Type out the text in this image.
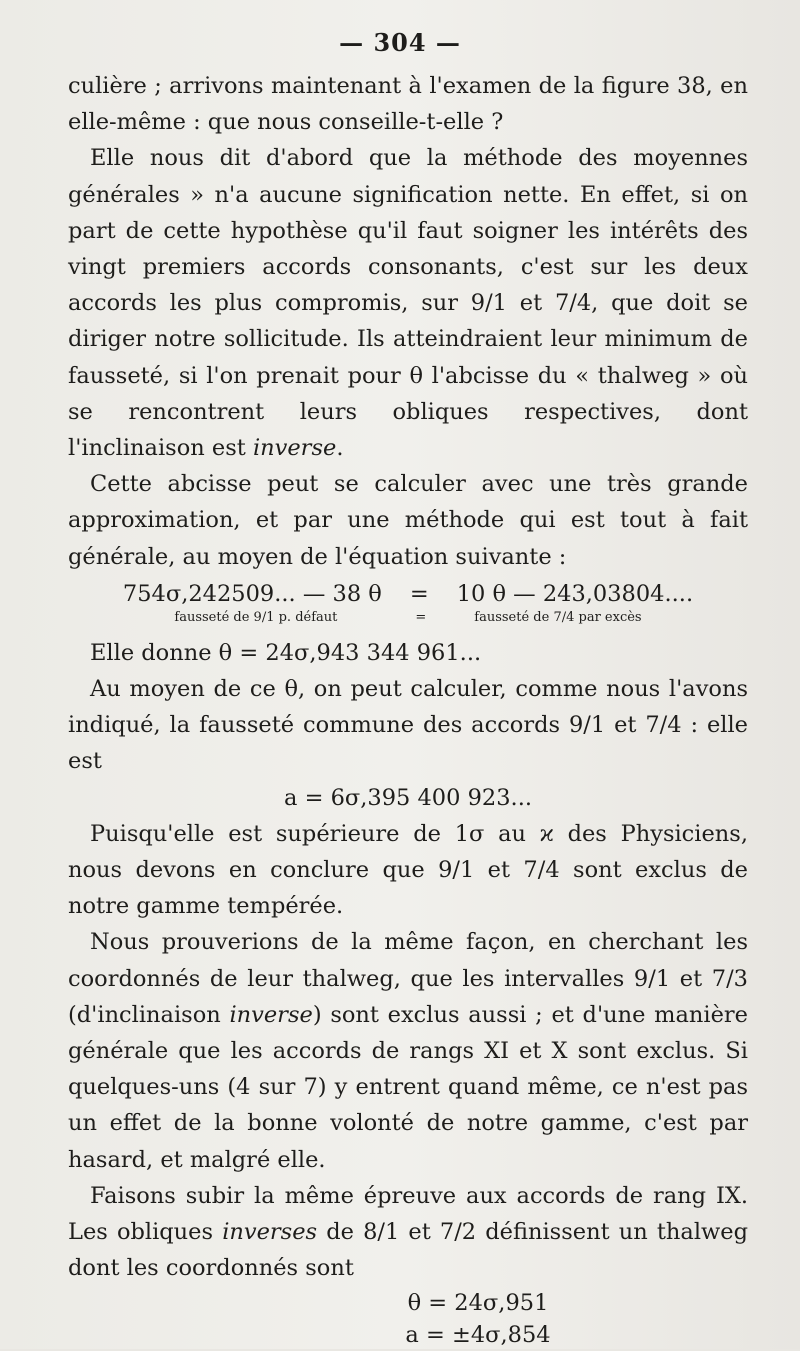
— 304 —

culière ; arrivons maintenant à l'examen de la figure 38, en elle-même : que nous conseille-t-elle ?

Elle nous dit d'abord que la méthode des moyennes générales » n'a aucune signification nette. En effet, si on part de cette hypothèse qu'il faut soigner les intérêts des vingt premiers accords consonants, c'est sur les deux accords les plus compromis, sur 9/1 et 7/4, que doit se diriger notre sollicitude. Ils atteindraient leur minimum de fausseté, si l'on prenait pour θ l'abcisse du « thalweg » où se rencontrent leurs obliques respectives, dont l'inclinaison est inverse.

Cette abcisse peut se calculer avec une très grande approximation, et par une méthode qui est tout à fait générale, au moyen de l'équation suivante :

754σ,242509... — 38 θ = 10 θ — 243,03804....
fausseté de 9/1 p. défaut	=	fausseté de 7/4 par excès

Elle donne θ = 24σ,943 344 961...

Au moyen de ce θ, on peut calculer, comme nous l'avons indiqué, la fausseté commune des accords 9/1 et 7/4 : elle est

a = 6σ,395 400 923...

Puisqu'elle est supérieure de 1σ au ϰ des Physiciens, nous devons en conclure que 9/1 et 7/4 sont exclus de notre gamme tempérée.

Nous prouverions de la même façon, en cherchant les coordonnés de leur thalweg, que les intervalles 9/1 et 7/3 (d'inclinaison inverse) sont exclus aussi ; et d'une manière générale que les accords de rangs XI et X sont exclus. Si quelques-uns (4 sur 7) y entrent quand même, ce n'est pas un effet de la bonne volonté de notre gamme, c'est par hasard, et malgré elle.

Faisons subir la même épreuve aux accords de rang IX. Les obliques inverses de 8/1 et 7/2 définissent un thalweg dont les coordonnés sont

θ = 24σ,951
a = ±4σ,854
